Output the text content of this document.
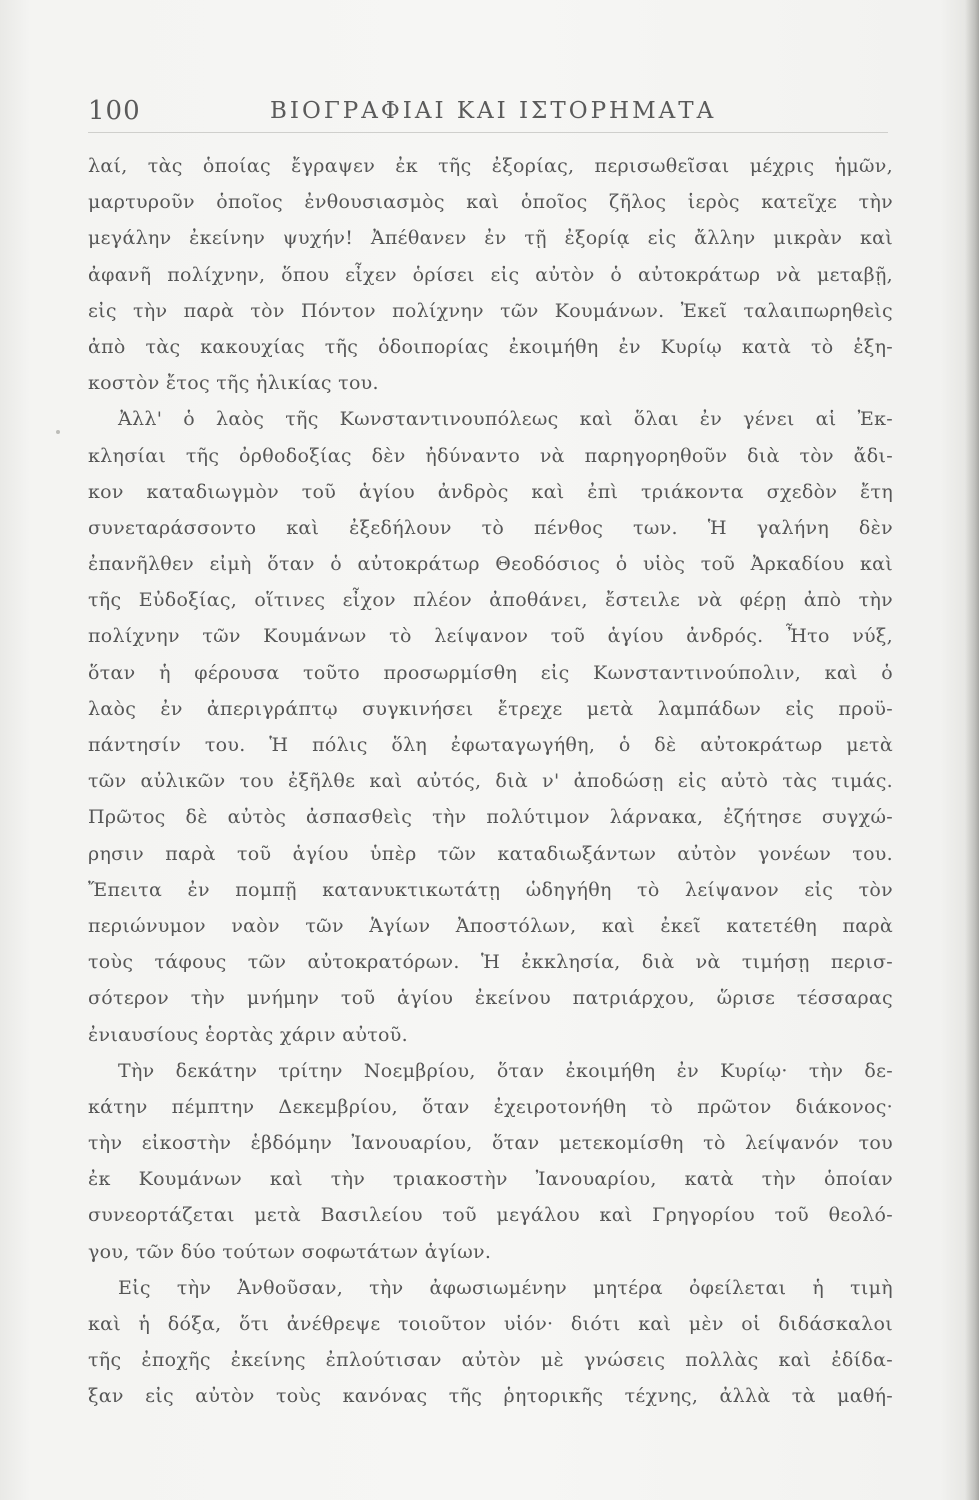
100	ΒΙΟΓΡΑΦΙΑΙ ΚΑΙ ΙΣΤΟΡΗΜΑΤΑ
λαί, τὰς ὁποίας ἔγραψεν ἐκ τῆς ἐξορίας, περισωθεῖσαι μέχρις ἡμῶν,
μαρτυροῦν ὁποῖος ἐνθουσιασμὸς καὶ ὁποῖος ζῆλος ἱερὸς κατεῖχε τὴν
μεγάλην ἐκείνην ψυχήν! Ἀπέθανεν ἐν τῇ ἐξορίᾳ εἰς ἄλλην μικρὰν καὶ
ἀφανῆ πολίχνην, ὅπου εἶχεν ὁρίσει εἰς αὐτὸν ὁ αὐτοκράτωρ νὰ μεταβῇ,
εἰς τὴν παρὰ τὸν Πόντον πολίχνην τῶν Κουμάνων. Ἐκεῖ ταλαιπωρηθεὶς
ἀπὸ τὰς κακουχίας τῆς ὁδοιπορίας ἐκοιμήθη ἐν Κυρίῳ κατὰ τὸ ἑξη-
κοστὸν ἔτος τῆς ἡλικίας του.
Ἀλλ' ὁ λαὸς τῆς Κωνσταντινουπόλεως καὶ ὅλαι ἐν γένει αἱ Ἐκ-
κλησίαι τῆς ὀρθοδοξίας δὲν ἠδύναντο νὰ παρηγορηθοῦν διὰ τὸν ἄδι-
κον καταδιωγμὸν τοῦ ἁγίου ἀνδρὸς καὶ ἐπὶ τριάκοντα σχεδὸν ἔτη
συνεταράσσοντο καὶ ἐξεδήλουν τὸ πένθος των. Ἡ γαλήνη δὲν
ἐπανῆλθεν εἰμὴ ὅταν ὁ αὐτοκράτωρ Θεοδόσιος ὁ υἱὸς τοῦ Ἀρκαδίου καὶ
τῆς Εὐδοξίας, οἵτινες εἶχον πλέον ἀποθάνει, ἔστειλε νὰ φέρῃ ἀπὸ τὴν
πολίχνην τῶν Κουμάνων τὸ λείψανον τοῦ ἁγίου ἀνδρός. Ἦτο νύξ,
ὅταν ἡ φέρουσα τοῦτο προσωρμίσθη εἰς Κωνσταντινούπολιν, καὶ ὁ
λαὸς ἐν ἀπεριγράπτῳ συγκινήσει ἔτρεχε μετὰ λαμπάδων εἰς προϋ-
πάντησίν του. Ἡ πόλις ὅλη ἐφωταγωγήθη, ὁ δὲ αὐτοκράτωρ μετὰ
τῶν αὐλικῶν του ἐξῆλθε καὶ αὐτός, διὰ ν' ἀποδώσῃ εἰς αὐτὸ τὰς τιμάς.
Πρῶτος δὲ αὐτὸς ἀσπασθεὶς τὴν πολύτιμον λάρνακα, ἐζήτησε συγχώ-
ρησιν παρὰ τοῦ ἁγίου ὑπὲρ τῶν καταδιωξάντων αὐτὸν γονέων του.
Ἔπειτα ἐν πομπῇ κατανυκτικωτάτῃ ὡδηγήθη τὸ λείψανον εἰς τὸν
περιώνυμον ναὸν τῶν Ἁγίων Ἀποστόλων, καὶ ἐκεῖ κατετέθη παρὰ
τοὺς τάφους τῶν αὐτοκρατόρων. Ἡ ἐκκλησία, διὰ νὰ τιμήσῃ περισ-
σότερον τὴν μνήμην τοῦ ἁγίου ἐκείνου πατριάρχου, ὥρισε τέσσαρας
ἐνιαυσίους ἑορτὰς χάριν αὐτοῦ.
Τὴν δεκάτην τρίτην Νοεμβρίου, ὅταν ἐκοιμήθη ἐν Κυρίῳ· τὴν δε-
κάτην πέμπτην Δεκεμβρίου, ὅταν ἐχειροτονήθη τὸ πρῶτον διάκονος·
τὴν εἰκοστὴν ἑβδόμην Ἰανουαρίου, ὅταν μετεκομίσθη τὸ λείψανόν του
ἐκ Κουμάνων καὶ τὴν τριακοστὴν Ἰανουαρίου, κατὰ τὴν ὁποίαν
συνεορτάζεται μετὰ Βασιλείου τοῦ μεγάλου καὶ Γρηγορίου τοῦ θεολό-
γου, τῶν δύο τούτων σοφωτάτων ἁγίων.
Εἰς τὴν Ἀνθοῦσαν, τὴν ἀφωσιωμένην μητέρα ὀφείλεται ἡ τιμὴ
καὶ ἡ δόξα, ὅτι ἀνέθρεψε τοιοῦτον υἱόν· διότι καὶ μὲν οἱ διδάσκαλοι
τῆς ἐποχῆς ἐκείνης ἐπλούτισαν αὐτὸν μὲ γνώσεις πολλὰς καὶ ἐδίδα-
ξαν εἰς αὐτὸν τοὺς κανόνας τῆς ῥητορικῆς τέχνης, ἀλλὰ τὰ μαθή-
